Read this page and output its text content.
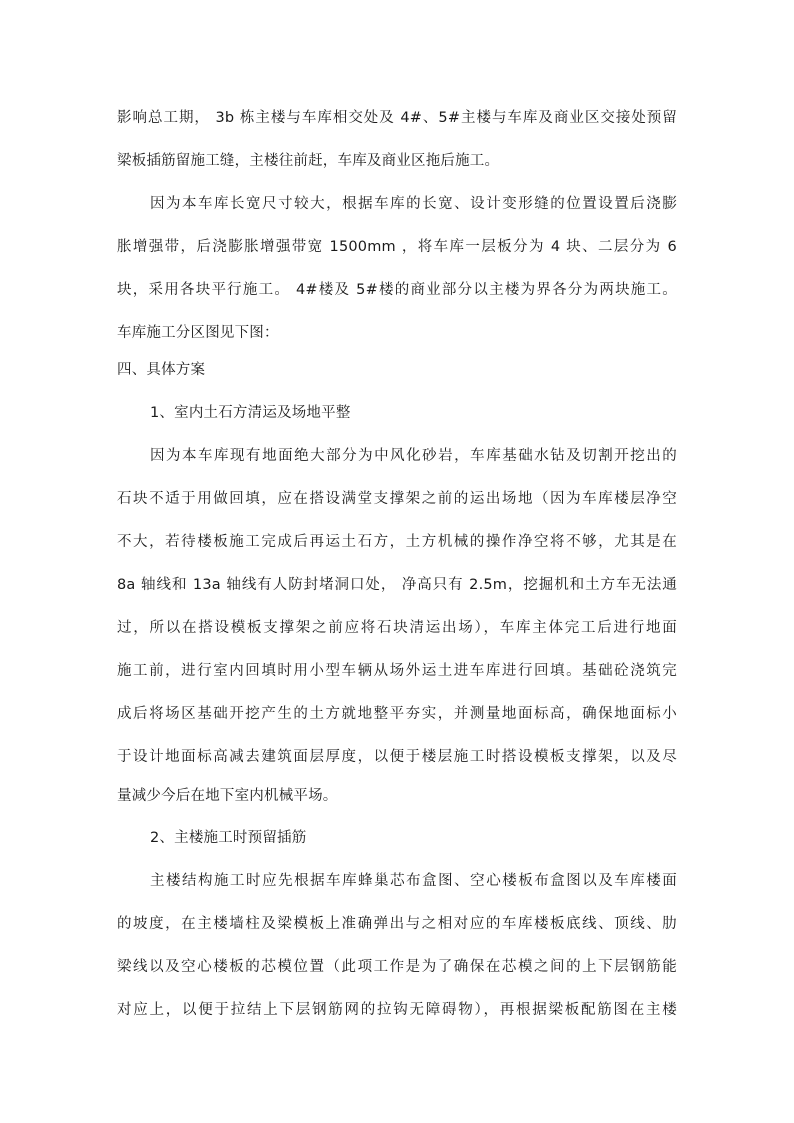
影响总工期， 3b 栋主楼与车库相交处及 4#、5#主楼与车库及商业区交接处预留
梁板插筋留施工缝，主楼往前赶，车库及商业区拖后施工。
因为本车库长宽尺寸较大，根据车库的长宽、设计变形缝的位置设置后浇膨
胀增强带，后浇膨胀增强带宽 1500mm ，将车库一层板分为 4 块、二层分为 6
块，采用各块平行施工。 4#楼及 5#楼的商业部分以主楼为界各分为两块施工。
车库施工分区图见下图：
四、具体方案
1、室内土石方清运及场地平整
因为本车库现有地面绝大部分为中风化砂岩，车库基础水钻及切割开挖出的
石块不适于用做回填，应在搭设满堂支撑架之前的运出场地（因为车库楼层净空
不大，若待楼板施工完成后再运土石方，土方机械的操作净空将不够，尤其是在
8a 轴线和 13a 轴线有人防封堵洞口处， 净高只有 2.5m，挖掘机和土方车无法通
过，所以在搭设模板支撑架之前应将石块清运出场），车库主体完工后进行地面
施工前，进行室内回填时用小型车辆从场外运土进车库进行回填。基础砼浇筑完
成后将场区基础开挖产生的土方就地整平夯实，并测量地面标高，确保地面标小
于设计地面标高减去建筑面层厚度，以便于楼层施工时搭设模板支撑架，以及尽
量减少今后在地下室内机械平场。
2、主楼施工时预留插筋
主楼结构施工时应先根据车库蜂巢芯布盒图、空心楼板布盒图以及车库楼面
的坡度，在主楼墙柱及梁模板上准确弹出与之相对应的车库楼板底线、顶线、肋
梁线以及空心楼板的芯模位置（此项工作是为了确保在芯模之间的上下层钢筋能
对应上，以便于拉结上下层钢筋网的拉钩无障碍物），再根据梁板配筋图在主楼
